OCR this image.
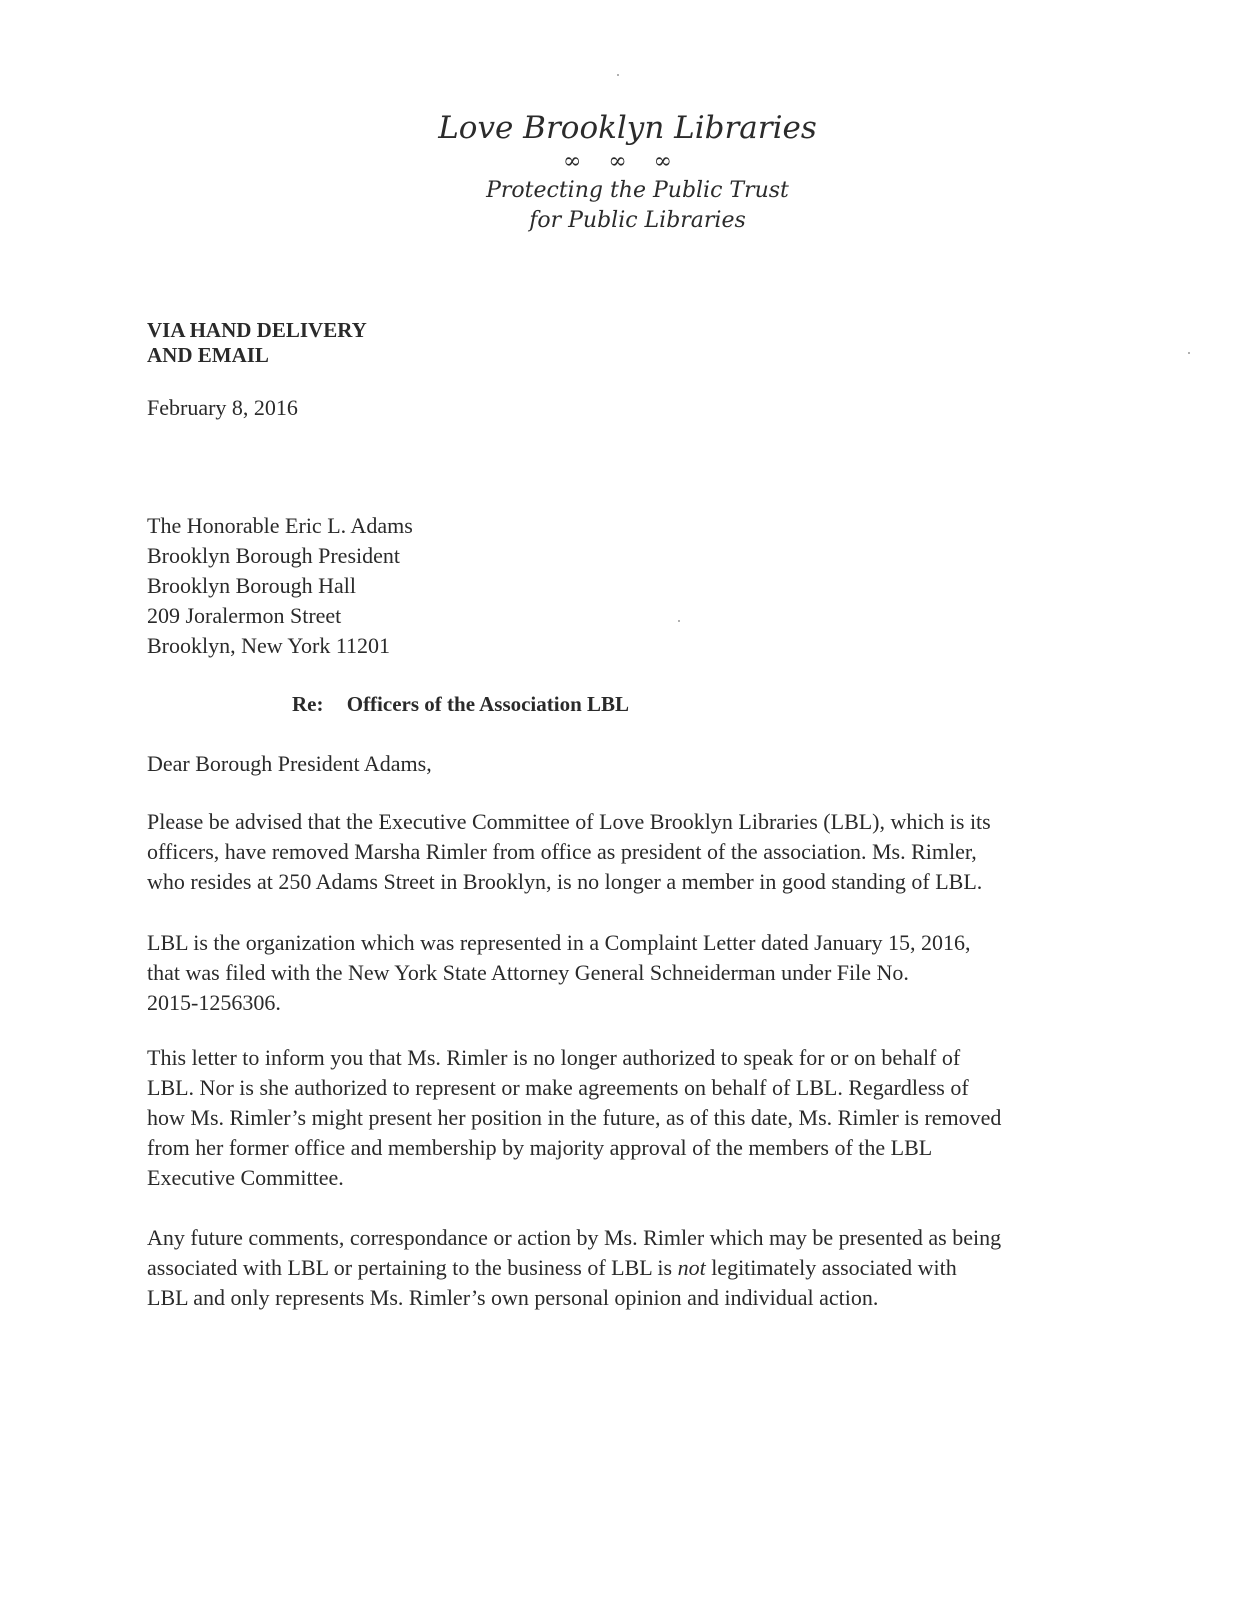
Love Brooklyn Libraries
∞ ∞ ∞
Protecting the Public Trust
for Public Libraries
VIA HAND DELIVERY
AND EMAIL
February 8, 2016
The Honorable Eric L. Adams
Brooklyn Borough President
Brooklyn Borough Hall
209 Joralermon Street
Brooklyn, New York 11201
Re: Officers of the Association LBL
Dear Borough President Adams,
Please be advised that the Executive Committee of Love Brooklyn Libraries (LBL), which is its
officers, have removed Marsha Rimler from office as president of the association. Ms. Rimler,
who resides at 250 Adams Street in Brooklyn, is no longer a member in good standing of LBL.
LBL is the organization which was represented in a Complaint Letter dated January 15, 2016,
that was filed with the New York State Attorney General Schneiderman under File No.
2015-1256306.
This letter to inform you that Ms. Rimler is no longer authorized to speak for or on behalf of
LBL. Nor is she authorized to represent or make agreements on behalf of LBL. Regardless of
how Ms. Rimler’s might present her position in the future, as of this date, Ms. Rimler is removed
from her former office and membership by majority approval of the members of the LBL
Executive Committee.
Any future comments, correspondance or action by Ms. Rimler which may be presented as being
associated with LBL or pertaining to the business of LBL is not legitimately associated with
LBL and only represents Ms. Rimler’s own personal opinion and individual action.
